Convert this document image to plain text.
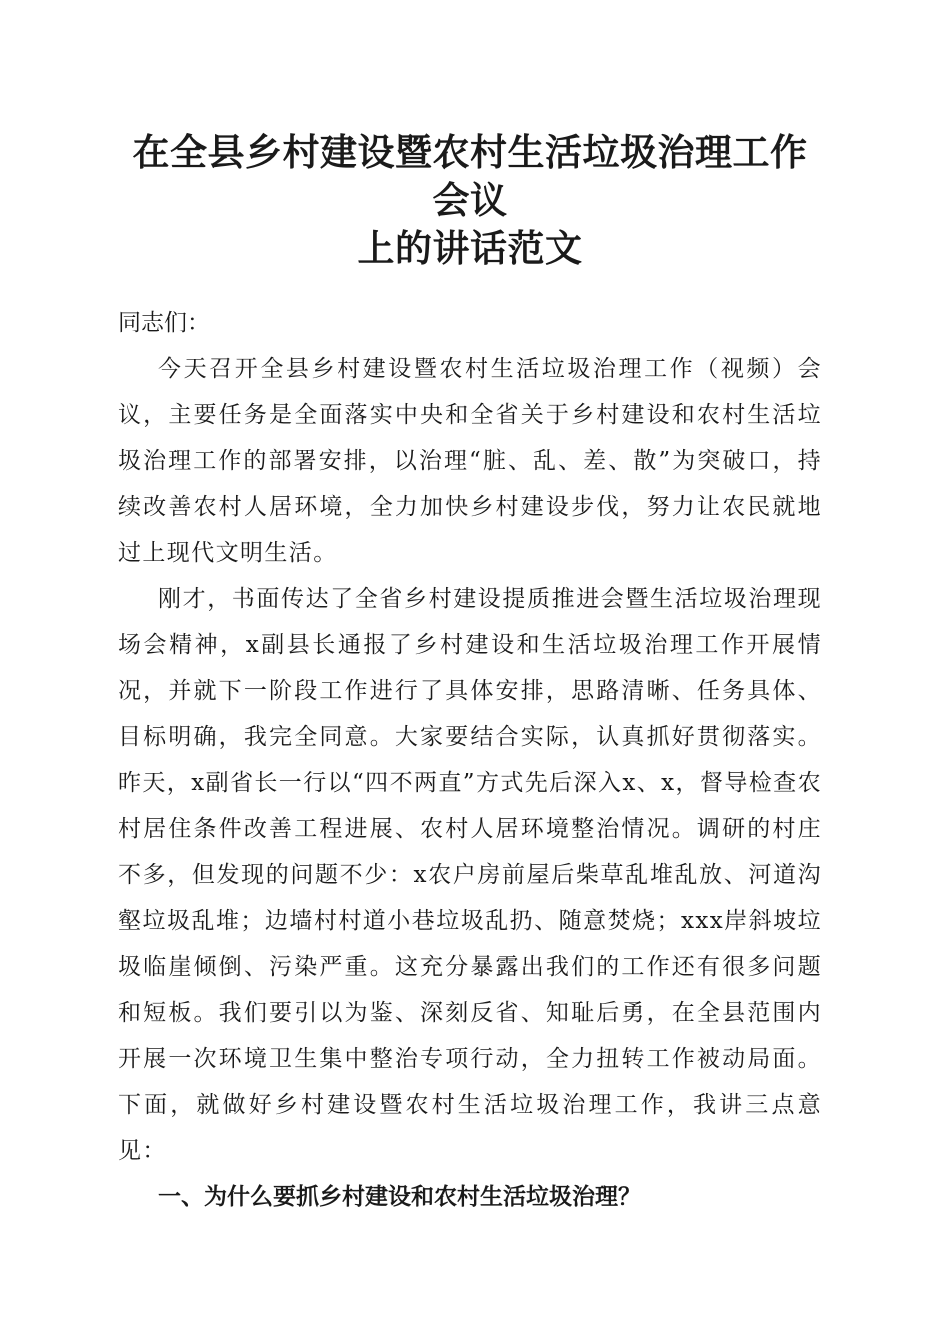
在全县乡村建设暨农村生活垃圾治理工作会议
上的讲话范文

同志们：

今天召开全县乡村建设暨农村生活垃圾治理工作（视频）会议，主要任务是全面落实中央和全省关于乡村建设和农村生活垃圾治理工作的部署安排，以治理“脏、乱、差、散”为突破口，持续改善农村人居环境，全力加快乡村建设步伐，努力让农民就地过上现代文明生活。

刚才，书面传达了全省乡村建设提质推进会暨生活垃圾治理现场会精神，x副县长通报了乡村建设和生活垃圾治理工作开展情况，并就下一阶段工作进行了具体安排，思路清晰、任务具体、目标明确，我完全同意。大家要结合实际，认真抓好贯彻落实。昨天，x副省长一行以“四不两直”方式先后深入x、x，督导检查农村居住条件改善工程进展、农村人居环境整治情况。调研的村庄不多，但发现的问题不少：x农户房前屋后柴草乱堆乱放、河道沟壑垃圾乱堆；边墙村村道小巷垃圾乱扔、随意焚烧；xxx岸斜坡垃圾临崖倾倒、污染严重。这充分暴露出我们的工作还有很多问题和短板。我们要引以为鉴、深刻反省、知耻后勇，在全县范围内开展一次环境卫生集中整治专项行动，全力扭转工作被动局面。下面，就做好乡村建设暨农村生活垃圾治理工作，我讲三点意见：

一、为什么要抓乡村建设和农村生活垃圾治理？
